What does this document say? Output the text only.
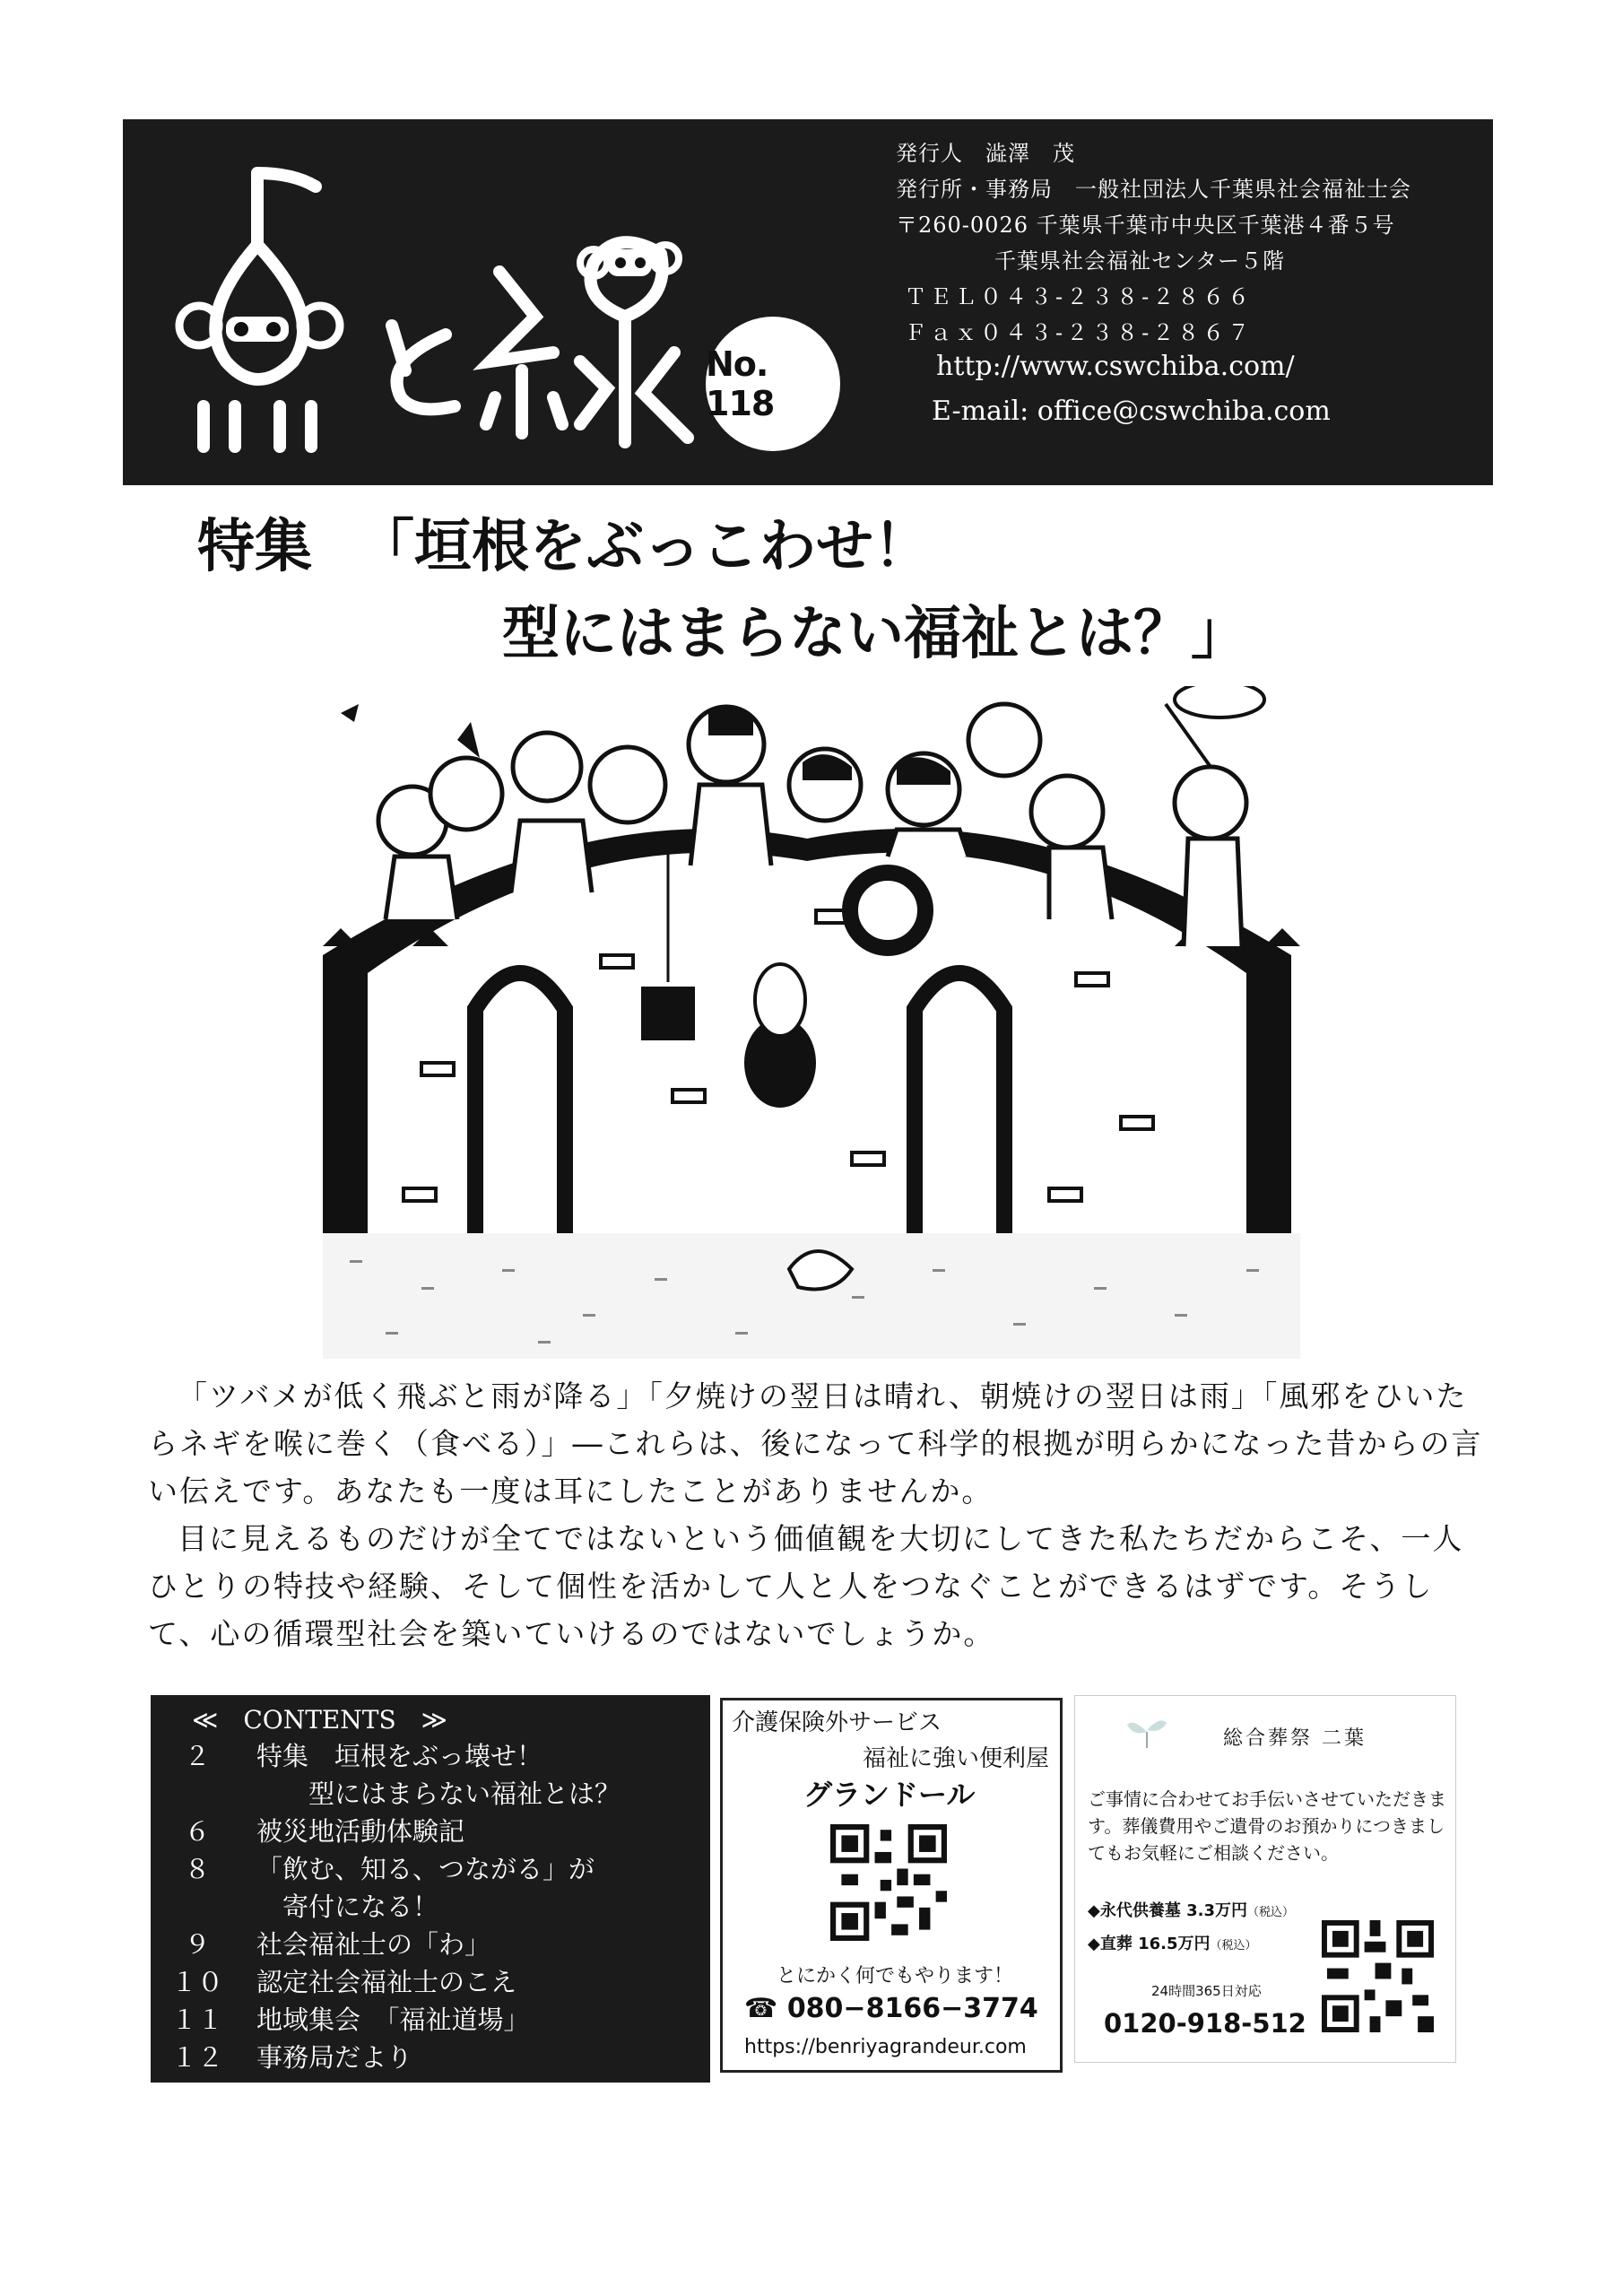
No. 118
発行人　澁澤　茂
発行所・事務局　一般社団法人千葉県社会福祉士会
〒260-0026 千葉県千葉市中央区千葉港４番５号
千葉県社会福祉センター５階
ＴＥＬ０４３-２３８-２８６６
Ｆａｘ０４３-２３８-２８６７
http://www.cswchiba.com/
E-mail: office@cswchiba.com
特集 「垣根をぶっこわせ！
型にはまらない福祉とは？」

「ツバメが低く飛ぶと雨が降る」「夕焼けの翌日は晴れ、朝焼けの翌日は雨」「風邪をひいたらネギを喉に巻く（食べる）」―これらは、後になって科学的根拠が明らかになった昔からの言い伝えです。あなたも一度は耳にしたことがありませんか。

目に見えるものだけが全てではないという価値観を大切にしてきた私たちだからこそ、一人ひとりの特技や経験、そして個性を活かして人と人をつなぐことができるはずです。そうして、心の循環型社会を築いていけるのではないでしょうか。

≪　CONTENTS　≫
２	特集　垣根をぶっ壊せ！
　　型にはまらない福祉とは？
６	被災地活動体験記
８	「飲む、知る、つながる」が
　寄付になる！
９	社会福祉士の「わ」
１０ 認定社会福祉士のこえ
１１ 地域集会　「福祉道場」
１２ 事務局だより
介護保険外サービス
福祉に強い便利屋
グランドール
とにかく何でもやります！
☎ 080−8166−3774
https://benriyagrandeur.com
総合葬祭 二葉
ご事情に合わせてお手伝いさせていただきます。葬儀費用やご遺骨のお預かりにつきましてもお気軽にご相談ください。
◆永代供養墓 3.3万円（税込）
◆直葬 16.5万円（税込）
24時間365日対応
0120-918-512
